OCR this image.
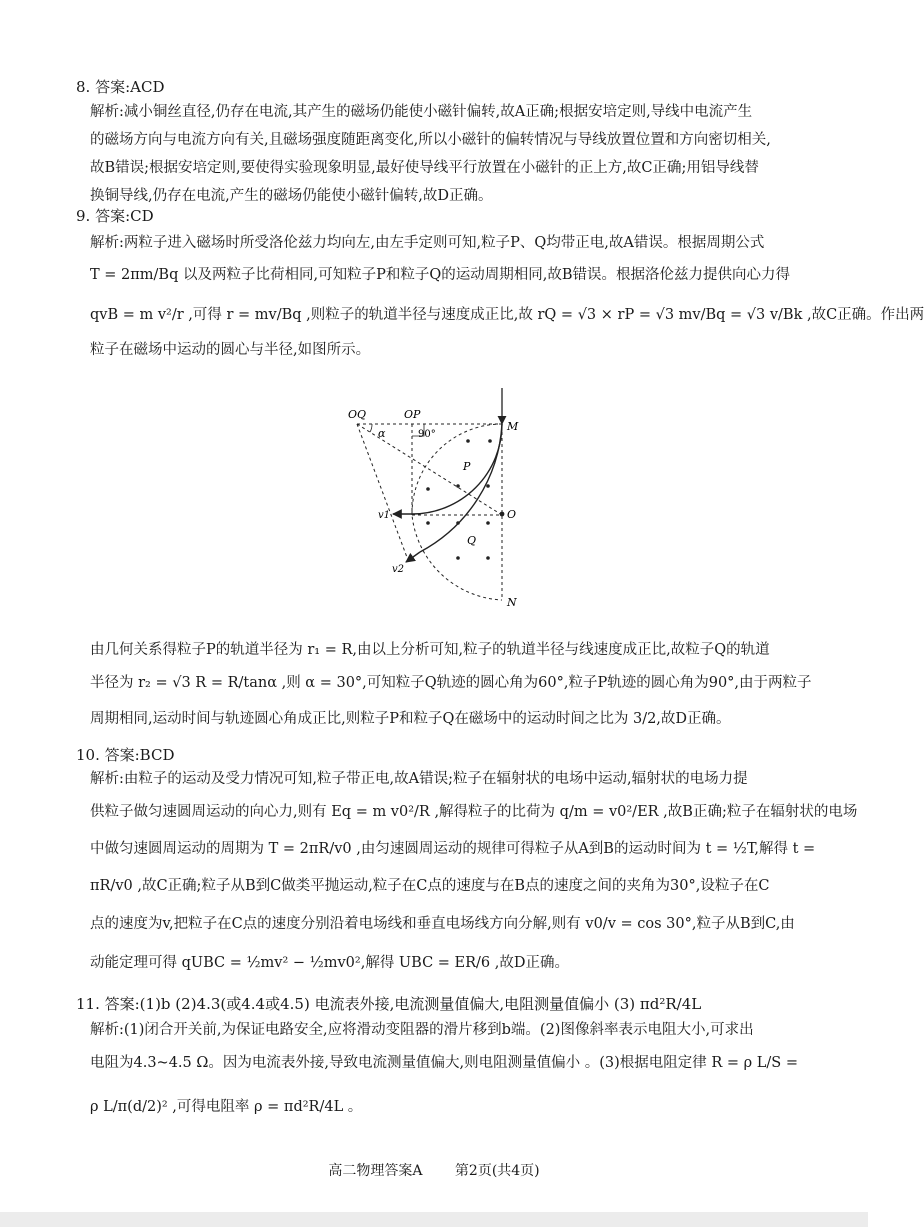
8. 答案:ACD
解析:减小铜丝直径,仍存在电流,其产生的磁场仍能使小磁针偏转,故A正确;根据安培定则,导线中电流产生
的磁场方向与电流方向有关,且磁场强度随距离变化,所以小磁针的偏转情况与导线放置位置和方向密切相关,
故B错误;根据安培定则,要使得实验现象明显,最好使导线平行放置在小磁针的正上方,故C正确;用铝导线替
换铜导线,仍存在电流,产生的磁场仍能使小磁针偏转,故D正确。
9. 答案:CD
解析:两粒子进入磁场时所受洛伦兹力均向左,由左手定则可知,粒子P、Q均带正电,故A错误。根据周期公式
T = 2πm/Bq 以及两粒子比荷相同,可知粒子P和粒子Q的运动周期相同,故B错误。根据洛伦兹力提供向心力得
qvB = m v²/r ,可得 r = mv/Bq ,则粒子的轨道半径与速度成正比,故 rQ = √3 × rP = √3 mv/Bq = √3 v/Bk ,故C正确。作出两
粒子在磁场中运动的圆心与半径,如图所示。
OQ	OP
M
α	90°
P
v1	O
Q
v2
N
由几何关系得粒子P的轨道半径为 r₁ = R,由以上分析可知,粒子的轨道半径与线速度成正比,故粒子Q的轨道
半径为 r₂ = √3 R = R/tanα ,则 α = 30°,可知粒子Q轨迹的圆心角为60°,粒子P轨迹的圆心角为90°,由于两粒子
周期相同,运动时间与轨迹圆心角成正比,则粒子P和粒子Q在磁场中的运动时间之比为 3/2,故D正确。
10. 答案:BCD
解析:由粒子的运动及受力情况可知,粒子带正电,故A错误;粒子在辐射状的电场中运动,辐射状的电场力提
供粒子做匀速圆周运动的向心力,则有 Eq = m v0²/R ,解得粒子的比荷为 q/m = v0²/ER ,故B正确;粒子在辐射状的电场
中做匀速圆周运动的周期为 T = 2πR/v0 ,由匀速圆周运动的规律可得粒子从A到B的运动时间为 t = ½T,解得 t =
πR/v0 ,故C正确;粒子从B到C做类平抛运动,粒子在C点的速度与在B点的速度之间的夹角为30°,设粒子在C
点的速度为v,把粒子在C点的速度分别沿着电场线和垂直电场线方向分解,则有 v0/v = cos 30°,粒子从B到C,由
动能定理可得 qUBC = ½mv² − ½mv0²,解得 UBC = ER/6 ,故D正确。
11. 答案:(1)b (2)4.3(或4.4或4.5) 电流表外接,电流测量值偏大,电阻测量值偏小 (3) πd²R/4L
解析:(1)闭合开关前,为保证电路安全,应将滑动变阻器的滑片移到b端。(2)图像斜率表示电阻大小,可求出
电阻为4.3~4.5 Ω。因为电流表外接,导致电流测量值偏大,则电阻测量值偏小 。(3)根据电阻定律 R = ρ L/S =
ρ L/π(d/2)² ,可得电阻率 ρ = πd²R/4L 。
高二物理答案A 第2页(共4页)
